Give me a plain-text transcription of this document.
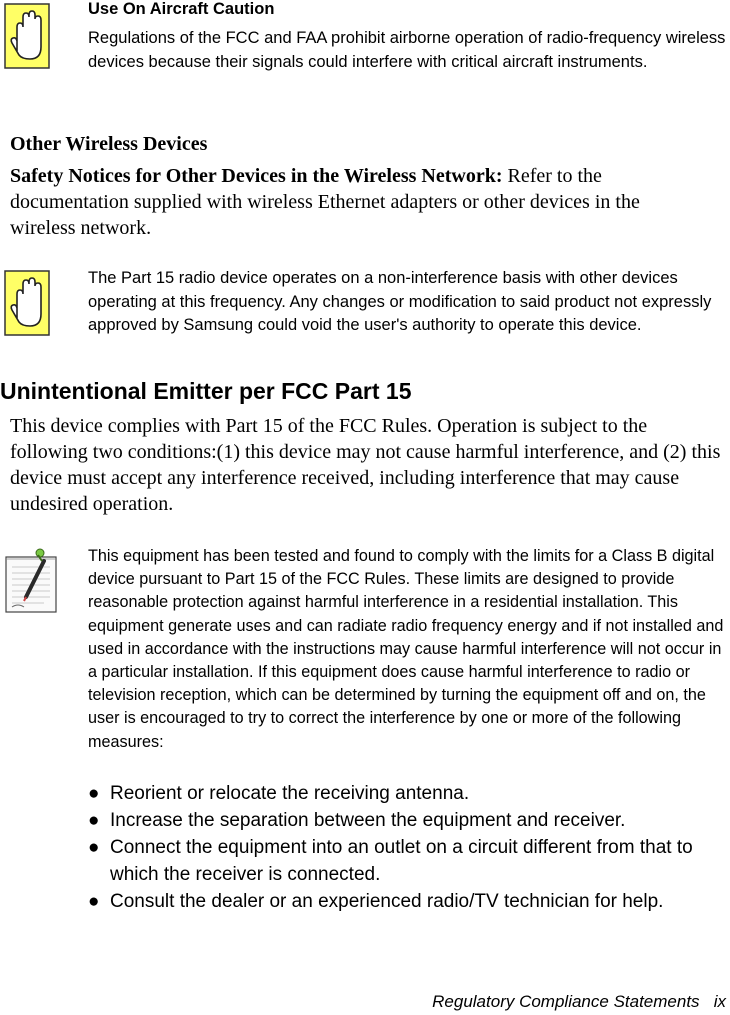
Use On Aircraft Caution
Regulations of the FCC and FAA prohibit airborne operation of radio-frequency wireless devices because their signals could interfere with critical aircraft instruments.
Other Wireless Devices
Safety Notices for Other Devices in the Wireless Network: Refer to the documentation supplied with wireless Ethernet adapters or other devices in the wireless network.
The Part 15 radio device operates on a non-interference basis with other devices operating at this frequency. Any changes or modification to said product not expressly approved by Samsung could void the user's authority to operate this device.
Unintentional Emitter per FCC Part 15
This device complies with Part 15 of the FCC Rules. Operation is subject to the following two conditions:(1) this device may not cause harmful interference, and (2) this device must accept any interference received, including interference that may cause undesired operation.
This equipment has been tested and found to comply with the limits for a Class B digital device pursuant to Part 15 of the FCC Rules. These limits are designed to provide reasonable protection against harmful interference in a residential installation. This equipment generate uses and can radiate radio frequency energy and if not installed and used in accordance with the instructions may cause harmful interference will not occur in a particular installation. If this equipment does cause harmful interference to radio or television reception, which can be determined by turning the equipment off and on, the user is encouraged to try to correct the interference by one or more of the following measures:
● Reorient or relocate the receiving antenna.
● Increase the separation between the equipment and receiver.
● Connect the equipment into an outlet on a circuit different from that to which the receiver is connected.
● Consult the dealer or an experienced radio/TV technician for help.
Regulatory Compliance Statements   ix
